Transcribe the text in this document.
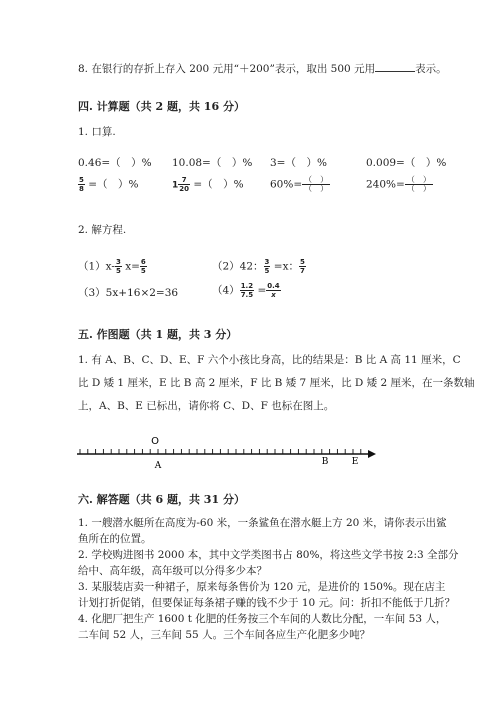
8. 在银行的存折上存入 200 元用“＋200”表示，取出 500 元用	表示。
四. 计算题（共 2 题，共 16 分）
1. 口算.
0.46=（　）% 10.08=（　）% 3=（　）%	0.009=（　）%
$\frac{5}{8}$ =（　）%	$1 \frac{7}{20}$ =（　）%	$60\%= \frac{( )}{( )}$	$240\%= \frac{( )}{( )}$
2. 解方程.
$(1)x- \frac{3}{5} x= \frac{6}{5}$	（2）42： $\frac{3}{5} =x$： $\frac{5}{7}$
（3）5x+16×2=36	$(4) \frac{1.2}{7.5} = \frac{0.4}{x}$
五. 作图题（共 1 题，共 3 分）
1. 有 A、B、C、D、E、F 六个小孩比身高，比的结果是：B 比 A 高 11 厘米，C
比 D 矮 1 厘米，E 比 B 高 2 厘米，F 比 B 矮 7 厘米，比 D 矮 2 厘米，在一条数轴
上，A、B、E 已标出，请你将 C、D、F 也标在图上。
O
A	B	E
六. 解答题（共 6 题，共 31 分）
1. 一艘潜水艇所在高度为-60 米，一条鲨鱼在潜水艇上方 20 米，请你表示出鲨
鱼所在的位置。
2. 学校购进图书 2000 本，其中文学类图书占 80%，将这些文学书按 2:3 全部分
给中、高年级，高年级可以分得多少本？
3. 某服装店卖一种裙子，原来每条售价为 120 元，是进价的 150%。现在店主
计划打折促销，但要保证每条裙子赚的钱不少于 10 元。问：折扣不能低于几折？
4. 化肥厂把生产 1600 t 化肥的任务按三个车间的人数比分配，一车间 53 人，
二车间 52 人，三车间 55 人。三个车间各应生产化肥多少吨？
